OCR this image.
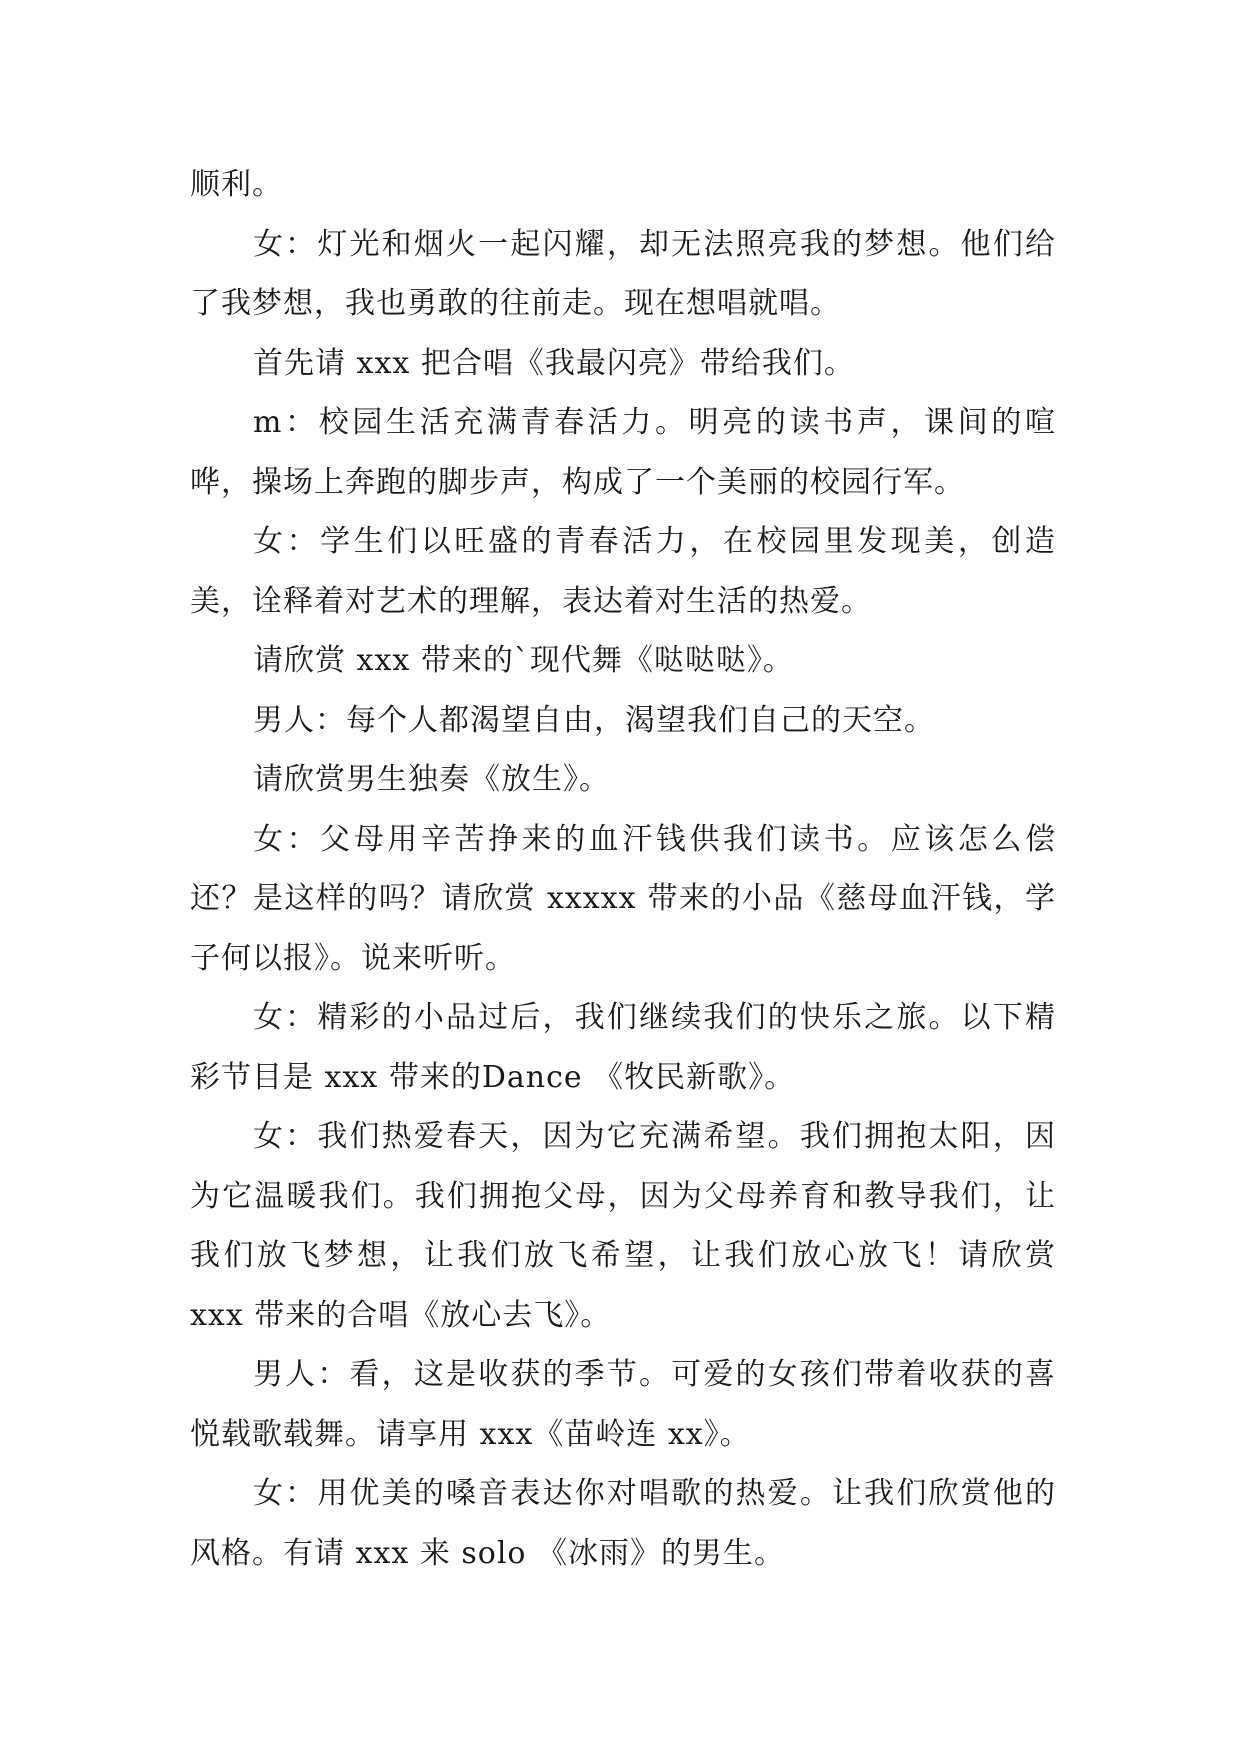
顺利。

女：灯光和烟火一起闪耀，却无法照亮我的梦想。他们给了我梦想，我也勇敢的往前走。现在想唱就唱。

首先请 xxx 把合唱《我最闪亮》带给我们。

m：校园生活充满青春活力。明亮的读书声，课间的喧哗，操场上奔跑的脚步声，构成了一个美丽的校园行军。

女：学生们以旺盛的青春活力，在校园里发现美，创造美，诠释着对艺术的理解，表达着对生活的热爱。

请欣赏 xxx 带来的`现代舞《哒哒哒》。

男人：每个人都渴望自由，渴望我们自己的天空。

请欣赏男生独奏《放生》。

女：父母用辛苦挣来的血汗钱供我们读书。应该怎么偿还？是这样的吗？请欣赏 xxxxx 带来的小品《慈母血汗钱，学子何以报》。说来听听。

女：精彩的小品过后，我们继续我们的快乐之旅。以下精彩节目是 xxx 带来的Dance 《牧民新歌》。

女：我们热爱春天，因为它充满希望。我们拥抱太阳，因为它温暖我们。我们拥抱父母，因为父母养育和教导我们，让我们放飞梦想，让我们放飞希望，让我们放心放飞！请欣赏 xxx 带来的合唱《放心去飞》。

男人：看，这是收获的季节。可爱的女孩们带着收获的喜悦载歌载舞。请享用 xxx《苗岭连 xx》。

女：用优美的嗓音表达你对唱歌的热爱。让我们欣赏他的风格。有请 xxx 来 solo 《冰雨》的男生。
